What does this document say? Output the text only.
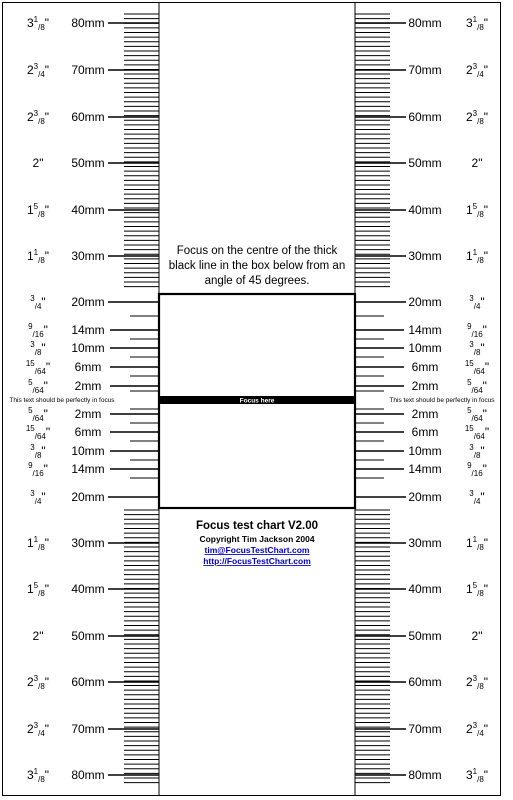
$3^1_{/8}$" 80mm	80mm $3^1_{/8}$"
$2^3_{/4}$" 70mm	70mm $2^3_{/4}$"
$2^3_{/8}$" 60mm	60mm $2^3_{/8}$"
2" 50mm	50mm 2"
$1^5_{/8}$" 40mm	40mm $1^5_{/8}$"
$1^1_{/8}$" 30mm	30mm $1^1_{/8}$"
$^3_{/4}$" 20mm	20mm	$^3_{/4}$"
$^9_{/16}$" 14mm	14mm	$^9_{/16}$"
$^3_{/8}$" 10mm	10mm	$^3_{/8}$"
$^{15}_{/64}$" 6mm	6mm	$^{15}_{/64}$"
$^5_{/64}$" 2mm	2mm	$^5_{/64}$"
$^5_{/64}$" 2mm	2mm	$^5_{/64}$"
$^{15}_{/64}$" 6mm	6mm	$^{15}_{/64}$"
$^3_{/8}$" 10mm	10mm	$^3_{/8}$"
$^9_{/16}$" 14mm	14mm	$^9_{/16}$"
$^3_{/4}$" 20mm	20mm	$^3_{/4}$"
$1^1_{/8}$" 30mm	30mm $1^1_{/8}$"
$1^5_{/8}$" 40mm	40mm $1^5_{/8}$"
2" 50mm	50mm 2"
$2^3_{/8}$" 60mm	60mm $2^3_{/8}$"
$2^3_{/4}$" 70mm	70mm $2^3_{/4}$"
$3^1_{/8}$" 80mm	80mm $3^1_{/8}$"
Focus on the centre of the thick
black line in the box below from an
angle of 45 degrees.
Focus here
This text should be perfectly in focus	This text should be perfectly in focus
Focus test chart V2.00
Copyright Tim Jackson 2004
tim@FocusTestChart.com
http://FocusTestChart.com
